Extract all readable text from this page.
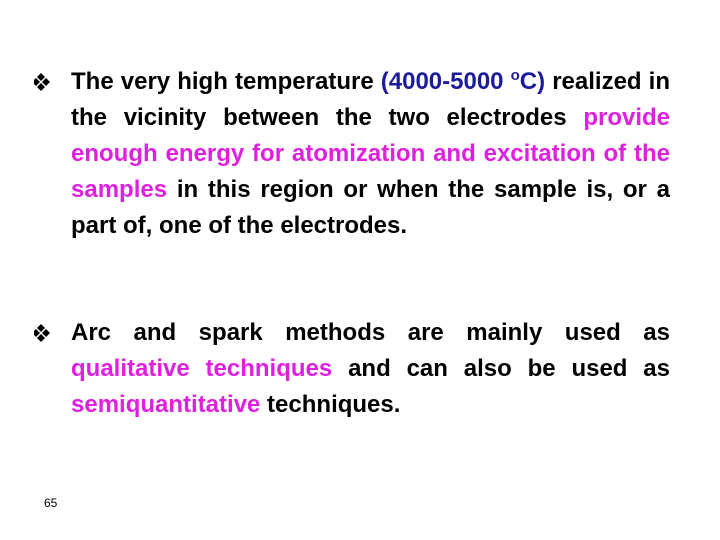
The very high temperature (4000-5000 $^o$C) realized in the vicinity between the two electrodes provide enough energy for atomization and excitation of the samples in this region or when the sample is, or a part of, one of the electrodes.
Arc and spark methods are mainly used as qualitative techniques and can also be used as semiquantitative techniques.
65
